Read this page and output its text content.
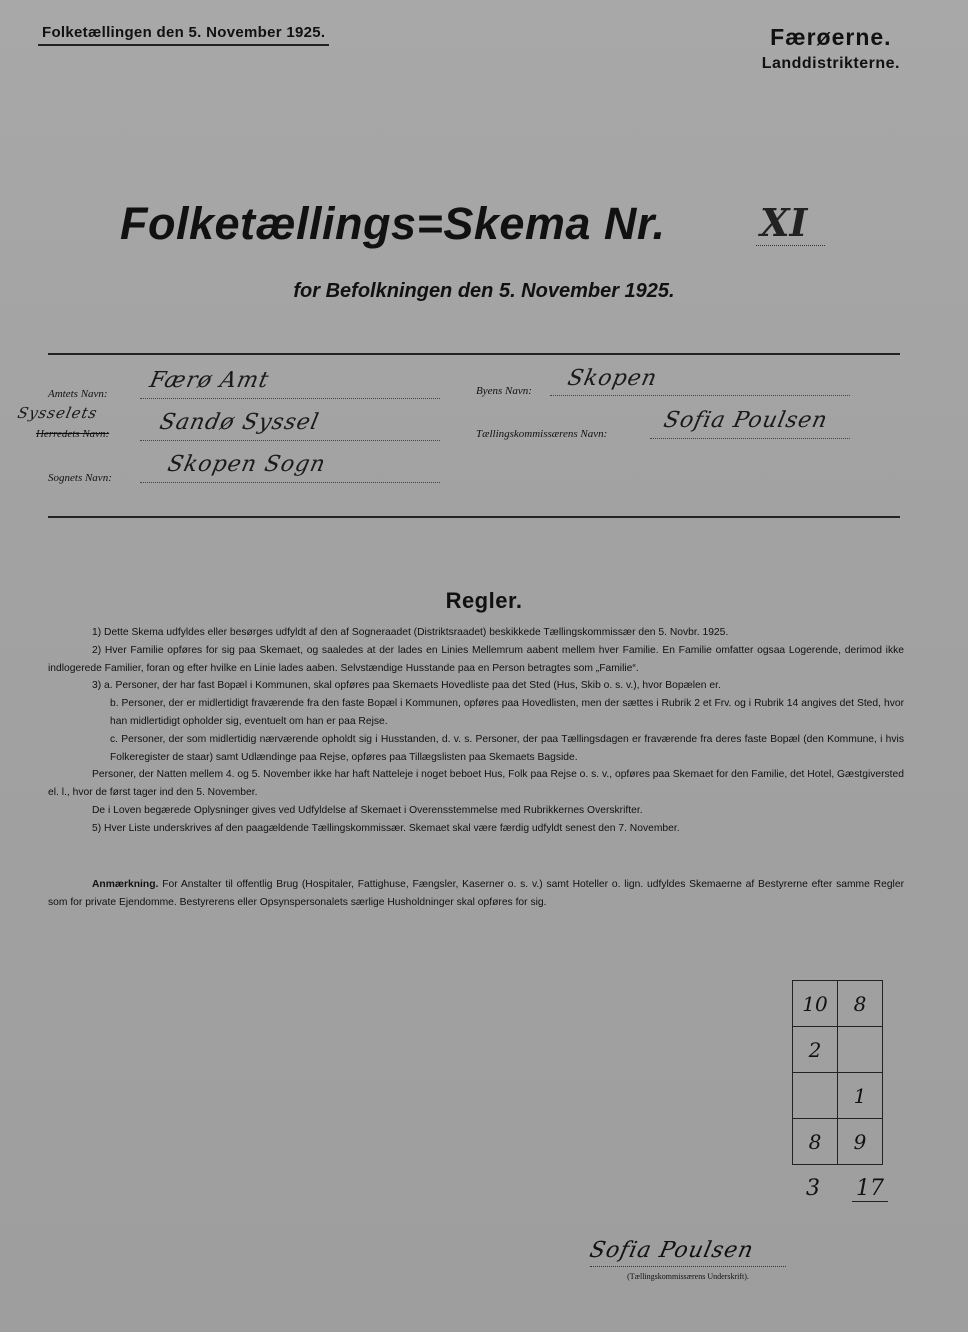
Folketællingen den 5. November 1925.	Færøerne.
Landdistrikterne.
Folketællings=Skema Nr. XI
for Befolkningen den 5. November 1925.
Amtets Navn:
Færø Amt
Sysselets
Herredets Navn: Sandø Syssel
Sognets Navn:
Skopen Sogn
Byens Navn: Skopen
Tællingskommissærens Navn:
Sofia Poulsen
Regler.

1) Dette Skema udfyldes eller besørges udfyldt af den af Sogneraadet (Distriktsraadet) beskikkede Tællingskommissær den 5. Novbr. 1925.

2) Hver Familie opføres for sig paa Skemaet, og saaledes at der lades en Linies Mellemrum aabent mellem hver Familie. En Familie omfatter ogsaa Logerende, derimod ikke indlogerede Familier, foran og efter hvilke en Linie lades aaben. Selvstændige Husstande paa en Person betragtes som „Familie“.

3) a. Personer, der har fast Bopæl i Kommunen, skal opføres paa Skemaets Hovedliste paa det Sted (Hus, Skib o. s. v.), hvor Bopælen er.

b. Personer, der er midlertidigt fraværende fra den faste Bopæl i Kommunen, opføres paa Hovedlisten, men der sættes i Rubrik 2 et Frv. og i Rubrik 14 angives det Sted, hvor han midlertidigt opholder sig, eventuelt om han er paa Rejse.

c. Personer, der som midlertidig nærværende opholdt sig i Husstanden, d. v. s. Personer, der paa Tællingsdagen er fraværende fra deres faste Bopæl (den Kommune, i hvis Folkeregister de staar) samt Udlændinge paa Rejse, opføres paa Tillægslisten paa Skemaets Bagside.

Personer, der Natten mellem 4. og 5. November ikke har haft Natteleje i noget beboet Hus, Folk paa Rejse o. s. v., opføres paa Skemaet for den Familie, det Hotel, Gæstgiversted el. l., hvor de først tager ind den 5. November.

De i Loven begærede Oplysninger gives ved Udfyldelse af Skemaet i Overensstemmelse med Rubrikkernes Overskrifter.

5) Hver Liste underskrives af den paagældende Tællingskommissær. Skemaet skal være færdig udfyldt senest den 7. November.

Anmærkning. For Anstalter til offentlig Brug (Hospitaler, Fattighuse, Fængsler, Kaserner o. s. v.) samt Hoteller o. lign. udfyldes Skemaerne af Bestyrerne efter samme Regler som for private Ejendomme. Bestyrerens eller Opsynspersonalets særlige Husholdninger skal opføres for sig.
10	8
2	
	1
8	9
3 17
Sofia Poulsen
(Tællingskommissærens Underskrift).
